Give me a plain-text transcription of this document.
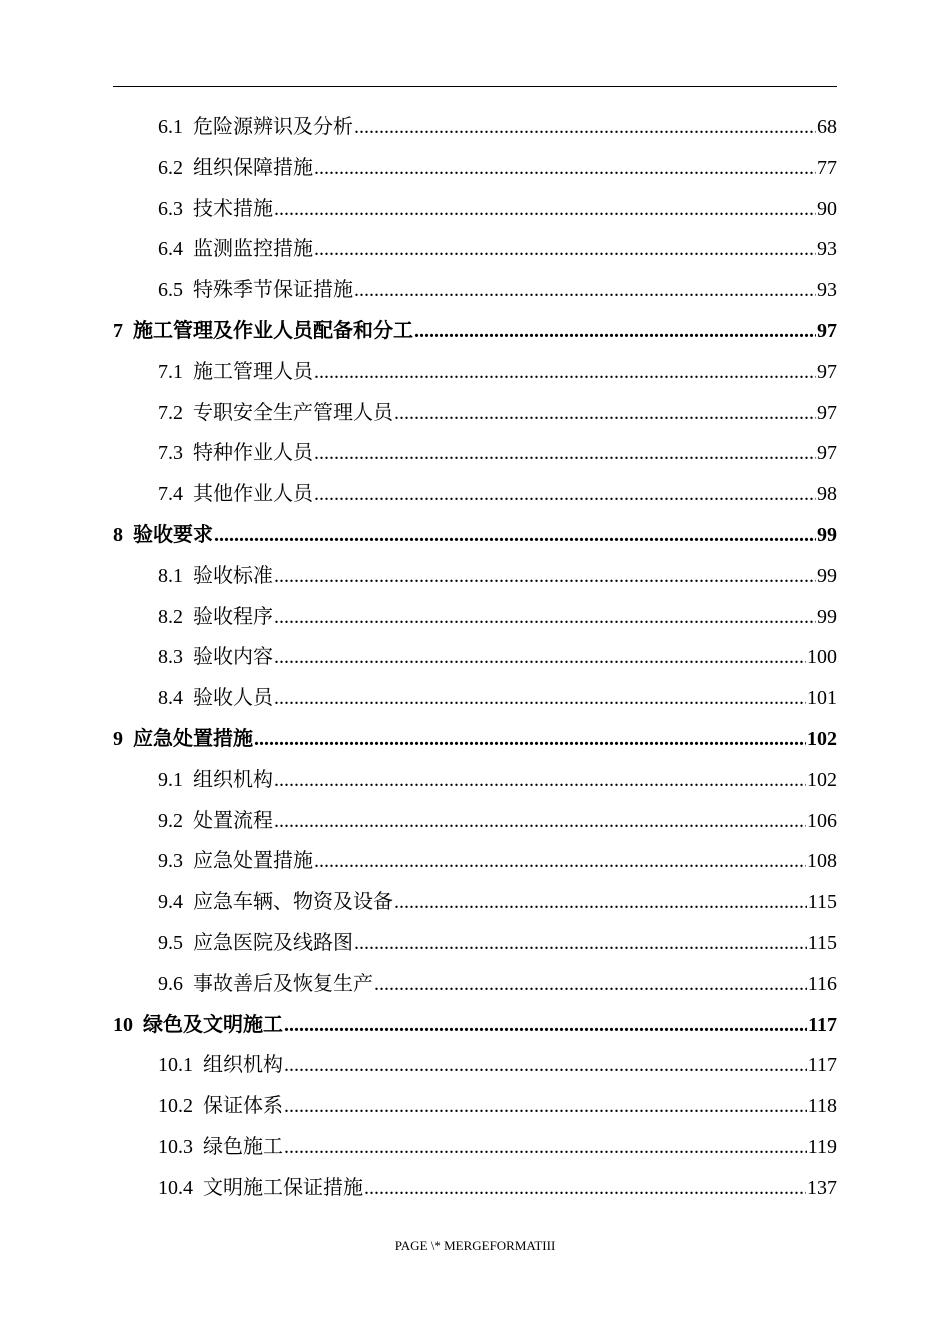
6.1 危险源辨识及分析 .....	68
6.2 组织保障措施 .....	77
6.3 技术措施 .....	90
6.4 监测监控措施 .....	93
6.5 特殊季节保证措施 .....	93
7 施工管理及作业人员配备和分工 .....	97
7.1 施工管理人员 .....	97
7.2 专职安全生产管理人员 .....	97
7.3 特种作业人员 .....	97
7.4 其他作业人员 .....	98
8 验收要求 .....	99
8.1 验收标准 .....	99
8.2 验收程序 .....	99
8.3 验收内容 .....	100
8.4 验收人员 .....	101
9 应急处置措施 .....	102
9.1 组织机构 .....	102
9.2 处置流程 .....	106
9.3 应急处置措施 .....	108
9.4 应急车辆、物资及设备 .....	115
9.5 应急医院及线路图 .....	115
9.6 事故善后及恢复生产 .....	116
10 绿色及文明施工 .....	117
10.1 组织机构 .....	117
10.2 保证体系 .....	118
10.3 绿色施工 .....	119
10.4 文明施工保证措施 .....	137
PAGE \* MERGEFORMATIII
